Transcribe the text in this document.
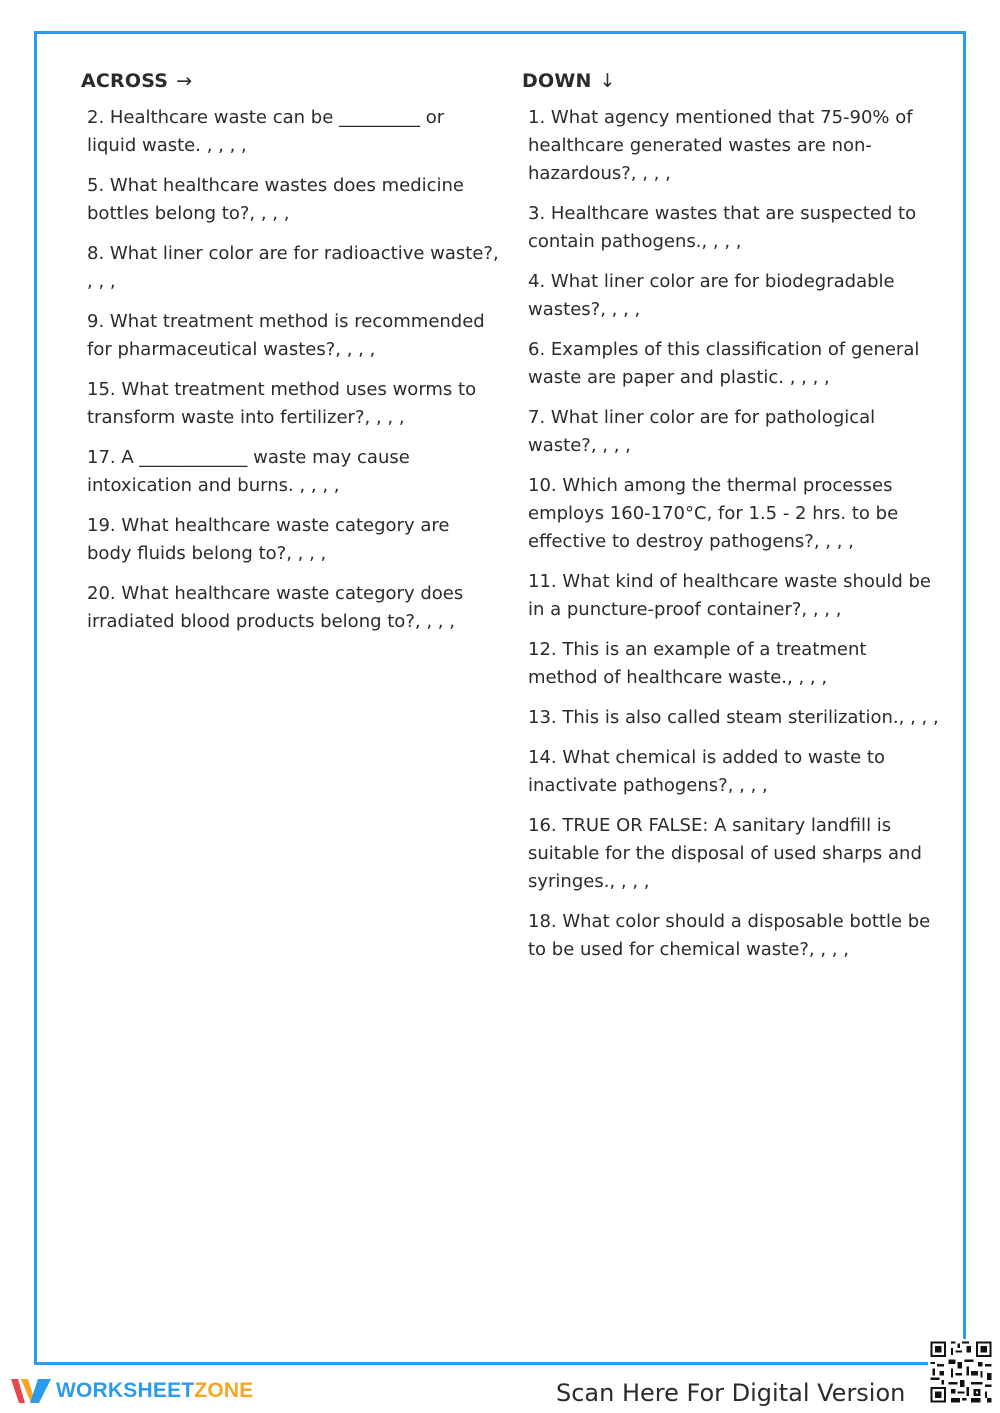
ACROSS →

2. Healthcare waste can be _________ or liquid waste. , , , ,

5. What healthcare wastes does medicine bottles belong to?, , , ,

8. What liner color are for radioactive waste?, , , ,

9. What treatment method is recommended for pharmaceutical wastes?, , , ,

15. What treatment method uses worms to transform waste into fertilizer?, , , ,

17. A ____________ waste may cause intoxication and burns. , , , ,

19. What healthcare waste category are body fluids belong to?, , , ,

20. What healthcare waste category does irradiated blood products belong to?, , , ,

DOWN ↓

1. What agency mentioned that 75-90% of healthcare generated wastes are non-hazardous?, , , ,

3. Healthcare wastes that are suspected to contain pathogens., , , ,

4. What liner color are for biodegradable wastes?, , , ,

6. Examples of this classification of general waste are paper and plastic. , , , ,

7. What liner color are for pathological waste?, , , ,

10. Which among the thermal processes employs 160-170°C, for 1.5 - 2 hrs. to be effective to destroy pathogens?, , , ,

11. What kind of healthcare waste should be in a puncture-proof container?, , , ,

12. This is an example of a treatment method of healthcare waste., , , ,

13. This is also called steam sterilization., , , ,

14. What chemical is added to waste to inactivate pathogens?, , , ,

16. TRUE OR FALSE: A sanitary landfill is suitable for the disposal of used sharps and syringes., , , ,

18. What color should a disposable bottle be to be used for chemical waste?, , , ,

WORKSHEETZONE	Scan Here For Digital Version
